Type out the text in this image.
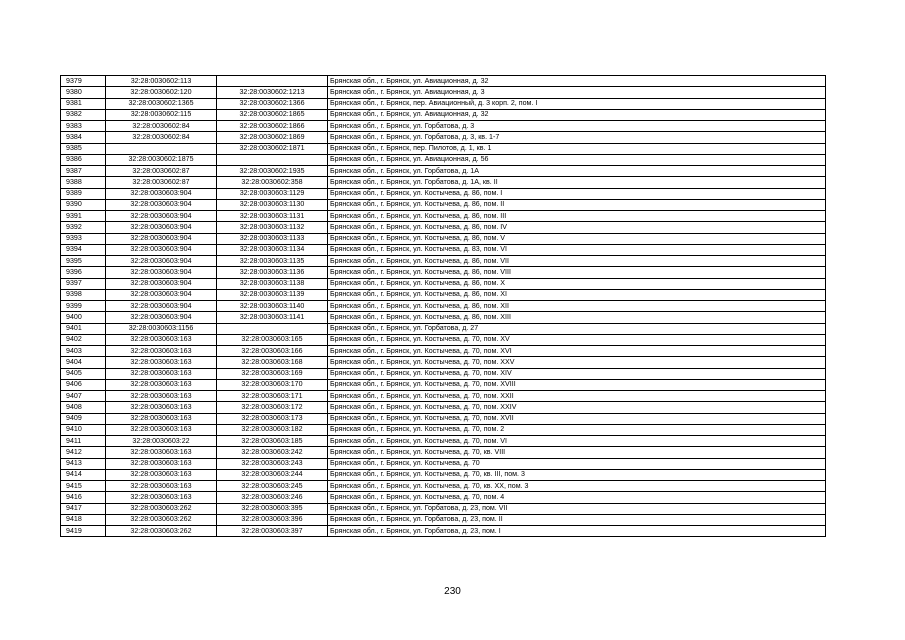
9379	32:28:0030602:113		Брянская обл., г. Брянск, ул. Авиационная, д. 32
9380	32:28:0030602:120	32:28:0030602:1213	Брянская обл., г. Брянск, ул. Авиационная, д. 3
9381	32:28:0030602:1365	32:28:0030602:1366	Брянская обл., г. Брянск, пер. Авиационный, д. 3 корп. 2, пом. I
9382	32:28:0030602:115	32:28:0030602:1865	Брянская обл., г. Брянск, ул. Авиационная, д. 32
9383	32:28:0030602:84	32:28:0030602:1866	Брянская обл., г. Брянск, ул. Горбатова, д. 3
9384	32:28:0030602:84	32:28:0030602:1869	Брянская обл., г. Брянск, ул. Горбатова, д. 3, кв. 1-7
9385		32:28:0030602:1871	Брянская обл., г. Брянск, пер. Пилотов, д. 1, кв. 1
9386	32:28:0030602:1875		Брянская обл., г. Брянск, ул. Авиационная, д. 56
9387	32:28:0030602:87	32:28:0030602:1935	Брянская обл., г. Брянск, ул. Горбатова, д. 1А
9388	32:28:0030602:87	32:28:0030602:358	Брянская обл., г. Брянск, ул. Горбатова, д. 1А, кв. II
9389	32:28:0030603:904	32:28:0030603:1129	Брянская обл., г. Брянск, ул. Костычева, д. 86, пом. I
9390	32:28:0030603:904	32:28:0030603:1130	Брянская обл., г. Брянск, ул. Костычева, д. 86, пом. II
9391	32:28:0030603:904	32:28:0030603:1131	Брянская обл., г. Брянск, ул. Костычева, д. 86, пом. III
9392	32:28:0030603:904	32:28:0030603:1132	Брянская обл., г. Брянск, ул. Костычева, д. 86, пом. IV
9393	32:28:0030603:904	32:28:0030603:1133	Брянская обл., г. Брянск, ул. Костычева, д. 86, пом. V
9394	32:28:0030603:904	32:28:0030603:1134	Брянская обл., г. Брянск, ул. Костычева, д. 83, пом. VI
9395	32:28:0030603:904	32:28:0030603:1135	Брянская обл., г. Брянск, ул. Костычева, д. 86, пом. VII
9396	32:28:0030603:904	32:28:0030603:1136	Брянская обл., г. Брянск, ул. Костычева, д. 86, пом. VIII
9397	32:28:0030603:904	32:28:0030603:1138	Брянская обл., г. Брянск, ул. Костычева, д. 86, пом. X
9398	32:28:0030603:904	32:28:0030603:1139	Брянская обл., г. Брянск, ул. Костычева, д. 86, пом. XI
9399	32:28:0030603:904	32:28:0030603:1140	Брянская обл., г. Брянск, ул. Костычева, д. 86, пом. XII
9400	32:28:0030603:904	32:28:0030603:1141	Брянская обл., г. Брянск, ул. Костычева, д. 86, пом. XIII
9401	32:28:0030603:1156		Брянская обл., г. Брянск, ул. Горбатова, д. 27
9402	32:28:0030603:163	32:28:0030603:165	Брянская обл., г. Брянск, ул. Костычева, д. 70, пом. XV
9403	32:28:0030603:163	32:28:0030603:166	Брянская обл., г. Брянск, ул. Костычева, д. 70, пом. XVI
9404	32:28:0030603:163	32:28:0030603:168	Брянская обл., г. Брянск, ул. Костычева, д. 70, пом. XXV
9405	32:28:0030603:163	32:28:0030603:169	Брянская обл., г. Брянск, ул. Костычева, д. 70, пом. XIV
9406	32:28:0030603:163	32:28:0030603:170	Брянская обл., г. Брянск, ул. Костычева, д. 70, пом. XVIII
9407	32:28:0030603:163	32:28:0030603:171	Брянская обл., г. Брянск, ул. Костычева, д. 70, пом. XXII
9408	32:28:0030603:163	32:28:0030603:172	Брянская обл., г. Брянск, ул. Костычева, д. 70, пом. XXIV
9409	32:28:0030603:163	32:28:0030603:173	Брянская обл., г. Брянск, ул. Костычева, д. 70, пом. XVII
9410	32:28:0030603:163	32:28:0030603:182	Брянская обл., г. Брянск, ул. Костычева, д. 70, пом. 2
9411	32:28:0030603:22	32:28:0030603:185	Брянская обл., г. Брянск, ул. Костычева, д. 70, пом. VI
9412	32:28:0030603:163	32:28:0030603:242	Брянская обл., г. Брянск, ул. Костычева, д. 70, кв. VIII
9413	32:28:0030603:163	32:28:0030603:243	Брянская обл., г. Брянск, ул. Костычева, д. 70
9414	32:28:0030603:163	32:28:0030603:244	Брянская обл., г. Брянск, ул. Костычева, д. 70, кв. III, пом. 3
9415	32:28:0030603:163	32:28:0030603:245	Брянская обл., г. Брянск, ул. Костычева, д. 70, кв. XX, пом. 3
9416	32:28:0030603:163	32:28:0030603:246	Брянская обл., г. Брянск, ул. Костычева, д. 70, пом. 4
9417	32:28:0030603:262	32:28:0030603:395	Брянская обл., г. Брянск, ул. Горбатова, д. 23, пом. VII
9418	32:28:0030603:262	32:28:0030603:396	Брянская обл., г. Брянск, ул. Горбатова, д. 23, пом. II
9419	32:28:0030603:262	32:28:0030603:397	Брянская обл., г. Брянск, ул. Горбатова, д. 23, пом. I
230
